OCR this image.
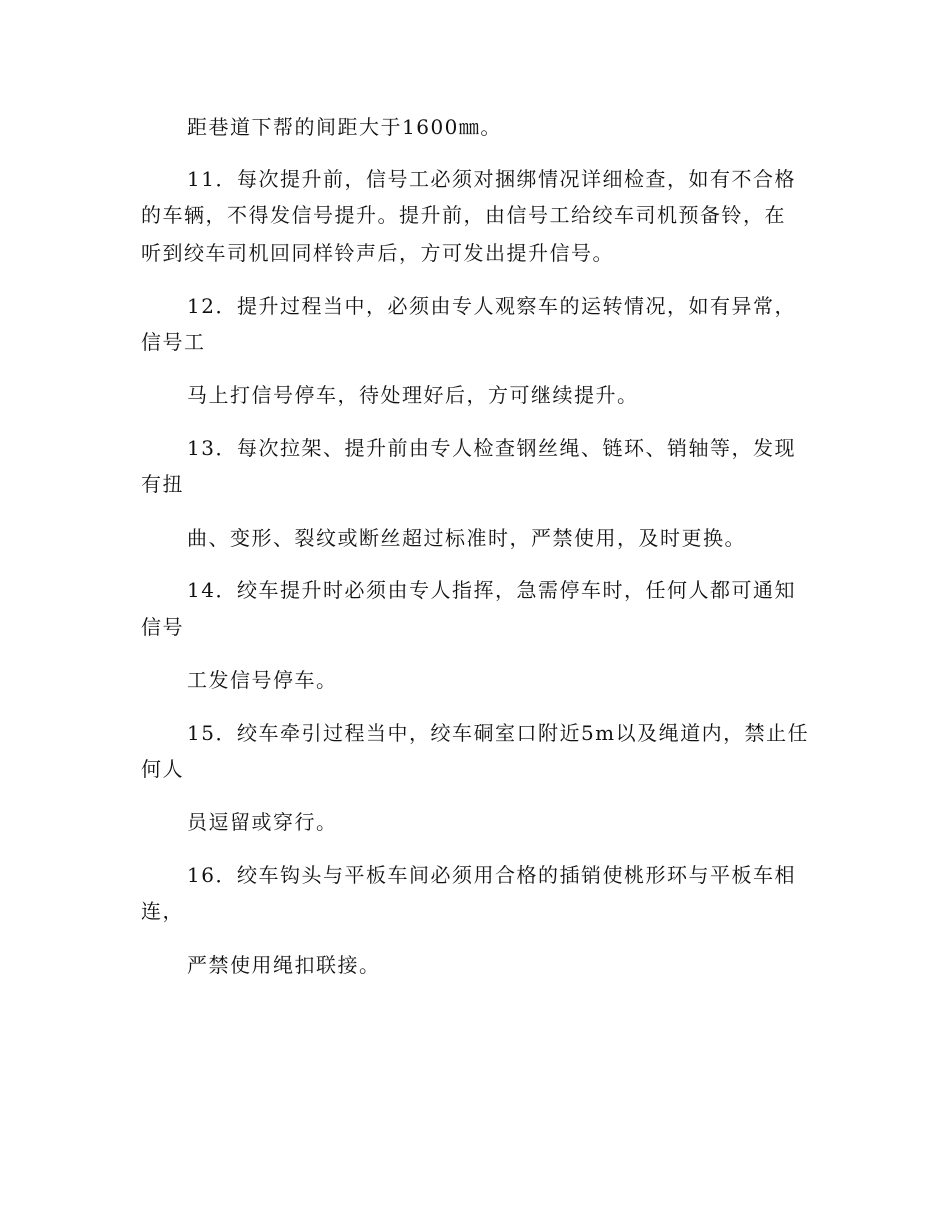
距巷道下帮的间距大于1600㎜。

11．每次提升前，信号工必须对捆绑情况详细检查，如有不合格

的车辆，不得发信号提升。提升前，由信号工给绞车司机预备铃，在

听到绞车司机回同样铃声后，方可发出提升信号。

12．提升过程当中，必须由专人观察车的运转情况，如有异常，

信号工

马上打信号停车，待处理好后，方可继续提升。

13．每次拉架、提升前由专人检查钢丝绳、链环、销轴等，发现

有扭

曲、变形、裂纹或断丝超过标准时，严禁使用，及时更换。

14．绞车提升时必须由专人指挥，急需停车时，任何人都可通知

信号

工发信号停车。

15．绞车牵引过程当中，绞车硐室口附近5m以及绳道内，禁止任

何人

员逗留或穿行。

16．绞车钩头与平板车间必须用合格的插销使桃形环与平板车相

连，

严禁使用绳扣联接。
